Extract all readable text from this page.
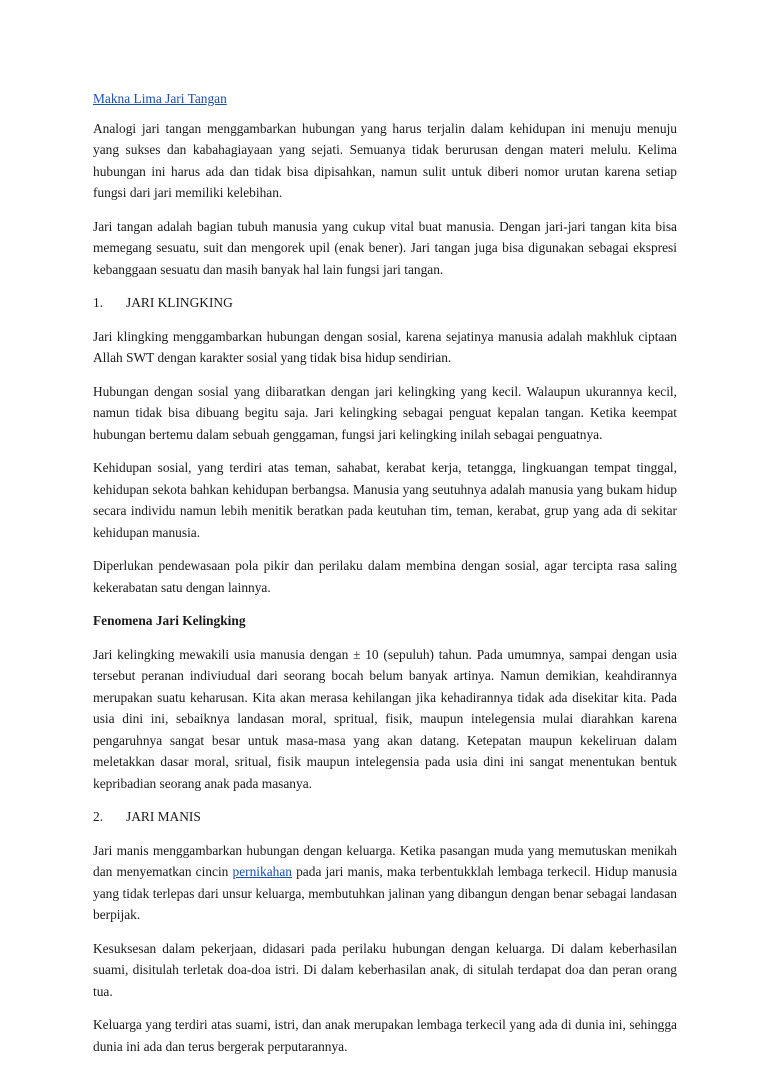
Makna Lima Jari Tangan

Analogi jari tangan menggambarkan hubungan yang harus terjalin dalam kehidupan ini menuju menuju yang sukses dan kabahagiayaan yang sejati. Semuanya tidak berurusan dengan materi melulu. Kelima hubungan ini harus ada dan tidak bisa dipisahkan, namun sulit untuk diberi nomor urutan karena setiap fungsi dari jari memiliki kelebihan.

Jari tangan adalah bagian tubuh manusia yang cukup vital buat manusia. Dengan jari-jari tangan kita bisa memegang sesuatu, suit dan mengorek upil (enak bener). Jari tangan juga bisa digunakan sebagai ekspresi kebanggaan sesuatu dan masih banyak hal lain fungsi jari tangan.

1. JARI KLINGKING

Jari klingking menggambarkan hubungan dengan sosial, karena sejatinya manusia adalah makhluk ciptaan Allah SWT dengan karakter sosial yang tidak bisa hidup sendirian.

Hubungan dengan sosial yang diibaratkan dengan jari kelingking yang kecil. Walaupun ukurannya kecil, namun tidak bisa dibuang begitu saja. Jari kelingking sebagai penguat kepalan tangan. Ketika keempat hubungan bertemu dalam sebuah genggaman, fungsi jari kelingking inilah sebagai penguatnya.

Kehidupan sosial, yang terdiri atas teman, sahabat, kerabat kerja, tetangga, lingkuangan tempat tinggal, kehidupan sekota bahkan kehidupan berbangsa. Manusia yang seutuhnya adalah manusia yang bukam hidup secara individu namun lebih menitik beratkan pada keutuhan tim, teman, kerabat, grup yang ada di sekitar kehidupan manusia.

Diperlukan pendewasaan pola pikir dan perilaku dalam membina dengan sosial, agar tercipta rasa saling kekerabatan satu dengan lainnya.

Fenomena Jari Kelingking

Jari kelingking mewakili usia manusia dengan ± 10 (sepuluh) tahun. Pada umumnya, sampai dengan usia tersebut peranan indiviudual dari seorang bocah belum banyak artinya. Namun demikian, keahdirannya merupakan suatu keharusan. Kita akan merasa kehilangan jika kehadirannya tidak ada disekitar kita. Pada usia dini ini, sebaiknya landasan moral, spritual, fisik, maupun intelegensia mulai diarahkan karena pengaruhnya sangat besar untuk masa-masa yang akan datang. Ketepatan maupun kekeliruan dalam meletakkan dasar moral, sritual, fisik maupun intelegensia pada usia dini ini sangat menentukan bentuk kepribadian seorang anak pada masanya.

2. JARI MANIS

Jari manis menggambarkan hubungan dengan keluarga. Ketika pasangan muda yang memutuskan menikah dan menyematkan cincin pernikahan pada jari manis, maka terbentukklah lembaga terkecil. Hidup manusia yang tidak terlepas dari unsur keluarga, membutuhkan jalinan yang dibangun dengan benar sebagai landasan berpijak.

Kesuksesan dalam pekerjaan, didasari pada perilaku hubungan dengan keluarga. Di dalam keberhasilan suami, disitulah terletak doa-doa istri. Di dalam keberhasilan anak, di situlah terdapat doa dan peran orang tua.

Keluarga yang terdiri atas suami, istri, dan anak merupakan lembaga terkecil yang ada di dunia ini, sehingga dunia ini ada dan terus bergerak perputarannya.
